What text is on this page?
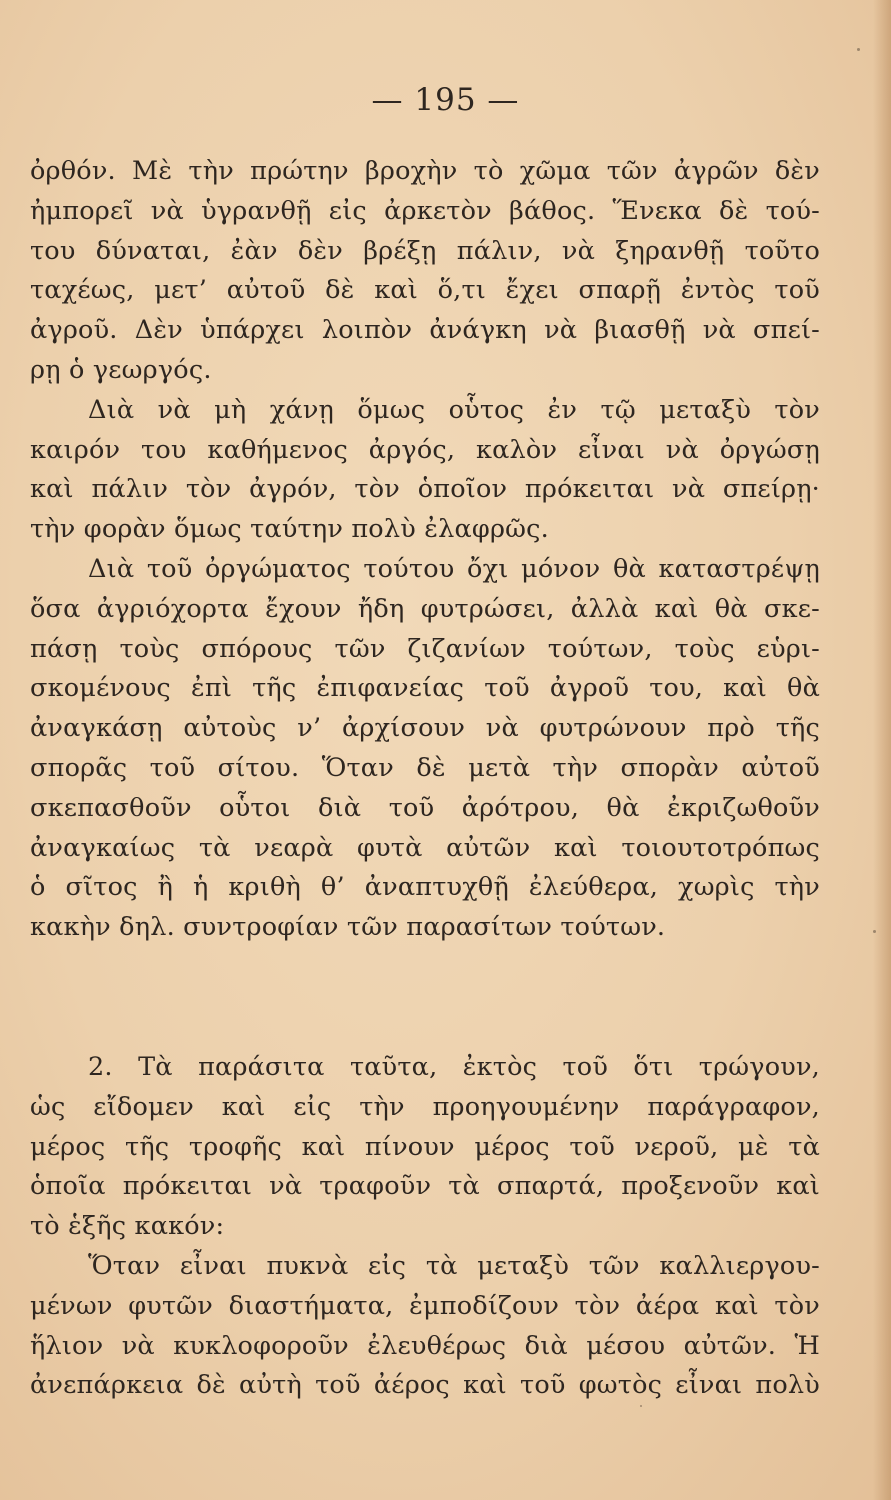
— 195 —
ὀρθόν. Μὲ τὴν πρώτην βροχὴν τὸ χῶμα τῶν ἀγρῶν δὲν
ἠμπορεῖ νὰ ὑγρανθῇ εἰς ἀρκετὸν βάθος. Ἕνεκα δὲ τού-
του δύναται, ἐὰν δὲν βρέξῃ πάλιν, νὰ ξηρανθῇ τοῦτο
ταχέως, μετ’ αὐτοῦ δὲ καὶ ὅ,τι ἔχει σπαρῇ ἐντὸς τοῦ
ἀγροῦ. Δὲν ὑπάρχει λοιπὸν ἀνάγκη νὰ βιασθῇ νὰ σπεί-
ρῃ ὁ γεωργός.
Διὰ νὰ μὴ χάνῃ ὅμως οὗτος ἐν τῷ μεταξὺ τὸν
καιρόν του καθήμενος ἀργός, καλὸν εἶναι νὰ ὀργώσῃ
καὶ πάλιν τὸν ἀγρόν, τὸν ὁποῖον πρόκειται νὰ σπείρῃ·
τὴν φορὰν ὅμως ταύτην πολὺ ἐλαφρῶς.
Διὰ τοῦ ὀργώματος τούτου ὄχι μόνον θὰ καταστρέψῃ
ὅσα ἀγριόχορτα ἔχουν ἤδη φυτρώσει, ἀλλὰ καὶ θὰ σκε-
πάσῃ τοὺς σπόρους τῶν ζιζανίων τούτων, τοὺς εὑρι-
σκομένους ἐπὶ τῆς ἐπιφανείας τοῦ ἀγροῦ του, καὶ θὰ
ἀναγκάσῃ αὐτοὺς ν’ ἀρχίσουν νὰ φυτρώνουν πρὸ τῆς
σπορᾶς τοῦ σίτου. Ὅταν δὲ μετὰ τὴν σπορὰν αὐτοῦ
σκεπασθοῦν οὗτοι διὰ τοῦ ἀρότρου, θὰ ἐκριζωθοῦν
ἀναγκαίως τὰ νεαρὰ φυτὰ αὐτῶν καὶ τοιουτοτρόπως
ὁ σῖτος ἢ ἡ κριθὴ θ’ ἀναπτυχθῇ ἐλεύθερα, χωρὶς τὴν
κακὴν δηλ. συντροφίαν τῶν παρασίτων τούτων.
2. Τὰ παράσιτα ταῦτα, ἐκτὸς τοῦ ὅτι τρώγουν,
ὡς εἴδομεν καὶ εἰς τὴν προηγουμένην παράγραφον,
μέρος τῆς τροφῆς καὶ πίνουν μέρος τοῦ νεροῦ, μὲ τὰ
ὁποῖα πρόκειται νὰ τραφοῦν τὰ σπαρτά, προξενοῦν καὶ
τὸ ἑξῆς κακόν:
Ὅταν εἶναι πυκνὰ εἰς τὰ μεταξὺ τῶν καλλιεργου-
μένων φυτῶν διαστήματα, ἐμποδίζουν τὸν ἀέρα καὶ τὸν
ἥλιον νὰ κυκλοφοροῦν ἐλευθέρως διὰ μέσου αὐτῶν. Ἡ
ἀνεπάρκεια δὲ αὐτὴ τοῦ ἀέρος καὶ τοῦ φωτὸς εἶναι πολὺ
